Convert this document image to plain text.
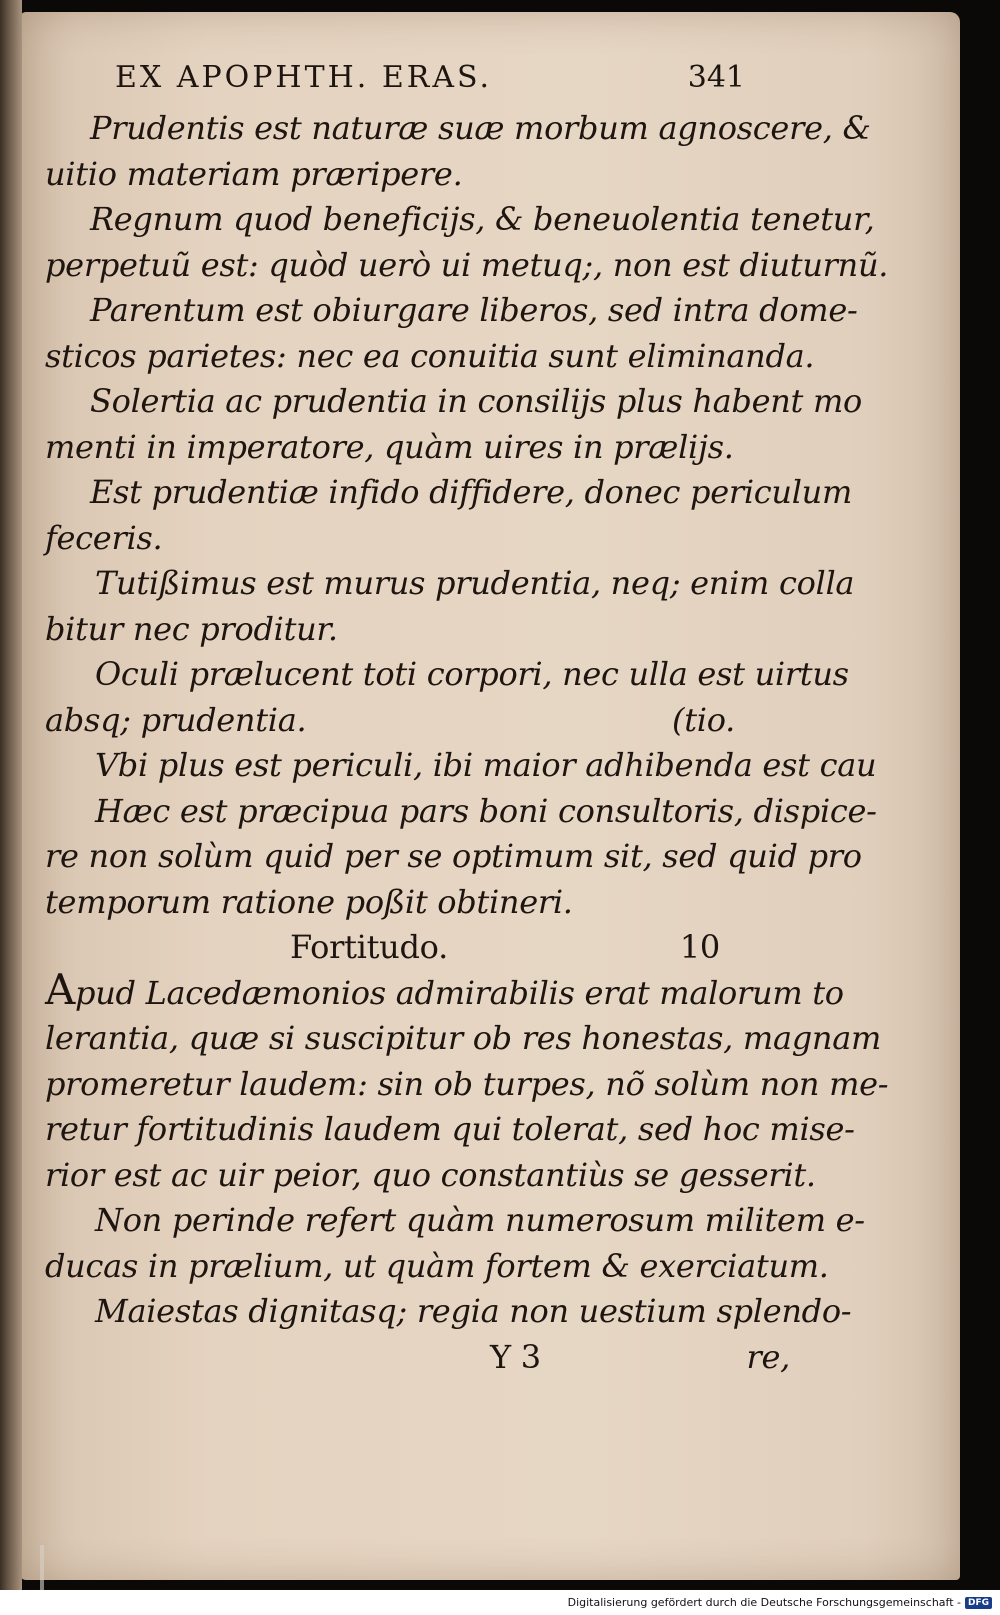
EX APOPHTH. ERAS.	341
Prudentis est naturæ suæ morbum agnoscere, &
uitio materiam præripere.
Regnum quod beneficijs, & beneuolentia tenetur,
perpetuũ est: quòd uerò ui metuq;, non est diuturnũ.
Parentum est obiurgare liberos, sed intra dome-
sticos parietes: nec ea conuitia sunt eliminanda.
Solertia ac prudentia in consilijs plus habent mo
menti in imperatore, quàm uires in prælijs.
Est prudentiæ infido diffidere, donec periculum
feceris.
Tutißimus est murus prudentia, neq; enim colla
bitur nec proditur.
Oculi prælucent toti corpori, nec ulla est uirtus
absq; prudentia.	(tio.
Vbi plus est periculi, ibi maior adhibenda est cau
Hæc est præcipua pars boni consultoris, dispice-
re non solùm quid per se optimum sit, sed quid pro
temporum ratione poßit obtineri.
Fortitudo.	10
Apud Lacedæmonios admirabilis erat malorum to
lerantia, quæ si suscipitur ob res honestas, magnam
promeretur laudem: sin ob turpes, nõ solùm non me-
retur fortitudinis laudem qui tolerat, sed hoc mise-
rior est ac uir peior, quo constantiùs se gesserit.
Non perinde refert quàm numerosum militem e-
ducas in prælium, ut quàm fortem & exerciatum.
Maiestas dignitasq; regia non uestium splendo-
Y 3	re,
Digitalisierung gefördert durch die Deutsche Forschungsgemeinschaft - DFG
